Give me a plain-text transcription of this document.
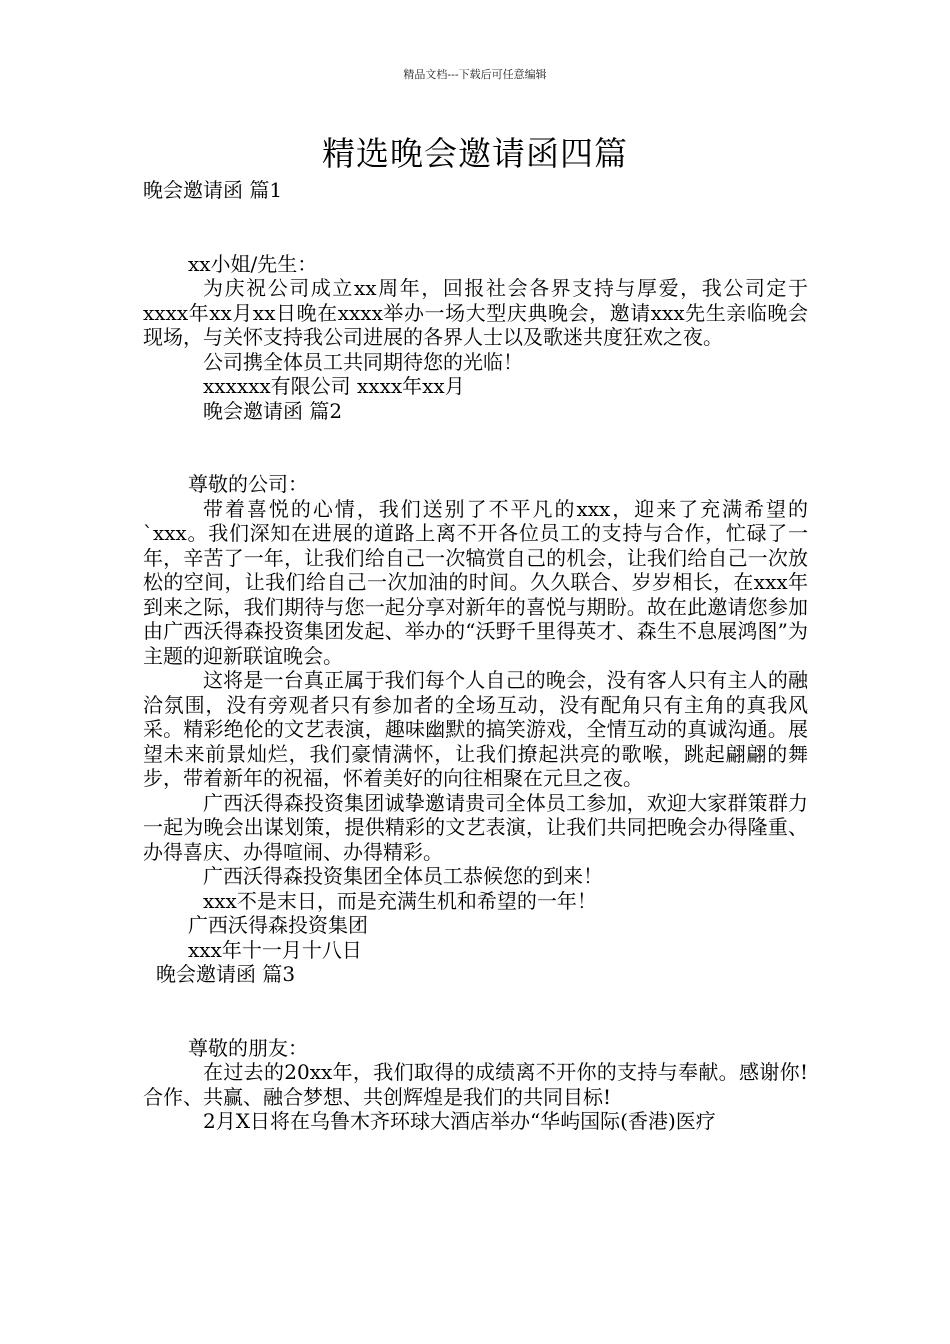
精品文档---下载后可任意编辑
精选晚会邀请函四篇
晚会邀请函 篇1
xx小姐/先生：
为庆祝公司成立xx周年，回报社会各界支持与厚爱，我公司定于xxxx年xx月xx日晚在xxxx举办一场大型庆典晚会，邀请xxx先生亲临晚会现场，与关怀支持我公司进展的各界人士以及歌迷共度狂欢之夜。
公司携全体员工共同期待您的光临！
xxxxxx有限公司 xxxx年xx月
晚会邀请函 篇2
尊敬的公司：
带着喜悦的心情，我们送别了不平凡的xxx，迎来了充满希望的`xxx。我们深知在进展的道路上离不开各位员工的支持与合作，忙碌了一年，辛苦了一年，让我们给自己一次犒赏自己的机会，让我们给自己一次放松的空间，让我们给自己一次加油的时间。久久联合、岁岁相长，在xxx年到来之际，我们期待与您一起分享对新年的喜悦与期盼。故在此邀请您参加由广西沃得森投资集团发起、举办的“沃野千里得英才、森生不息展鸿图”为主题的迎新联谊晚会。
这将是一台真正属于我们每个人自己的晚会，没有客人只有主人的融洽氛围，没有旁观者只有参加者的全场互动，没有配角只有主角的真我风采。精彩绝伦的文艺表演，趣味幽默的搞笑游戏，全情互动的真诚沟通。展望未来前景灿烂，我们豪情满怀，让我们撩起洪亮的歌喉，跳起翩翩的舞步，带着新年的祝福，怀着美好的向往相聚在元旦之夜。
广西沃得森投资集团诚挚邀请贵司全体员工参加，欢迎大家群策群力一起为晚会出谋划策，提供精彩的文艺表演，让我们共同把晚会办得隆重、办得喜庆、办得喧闹、办得精彩。
广西沃得森投资集团全体员工恭候您的到来！
xxx不是末日，而是充满生机和希望的一年！
广西沃得森投资集团
xxx年十一月十八日
晚会邀请函 篇3
尊敬的朋友：
在过去的20xx年，我们取得的成绩离不开你的支持与奉献。感谢你!合作、共赢、融合梦想、共创辉煌是我们的共同目标!
2月X日将在乌鲁木齐环球大酒店举办“华屿国际(香港)医疗
